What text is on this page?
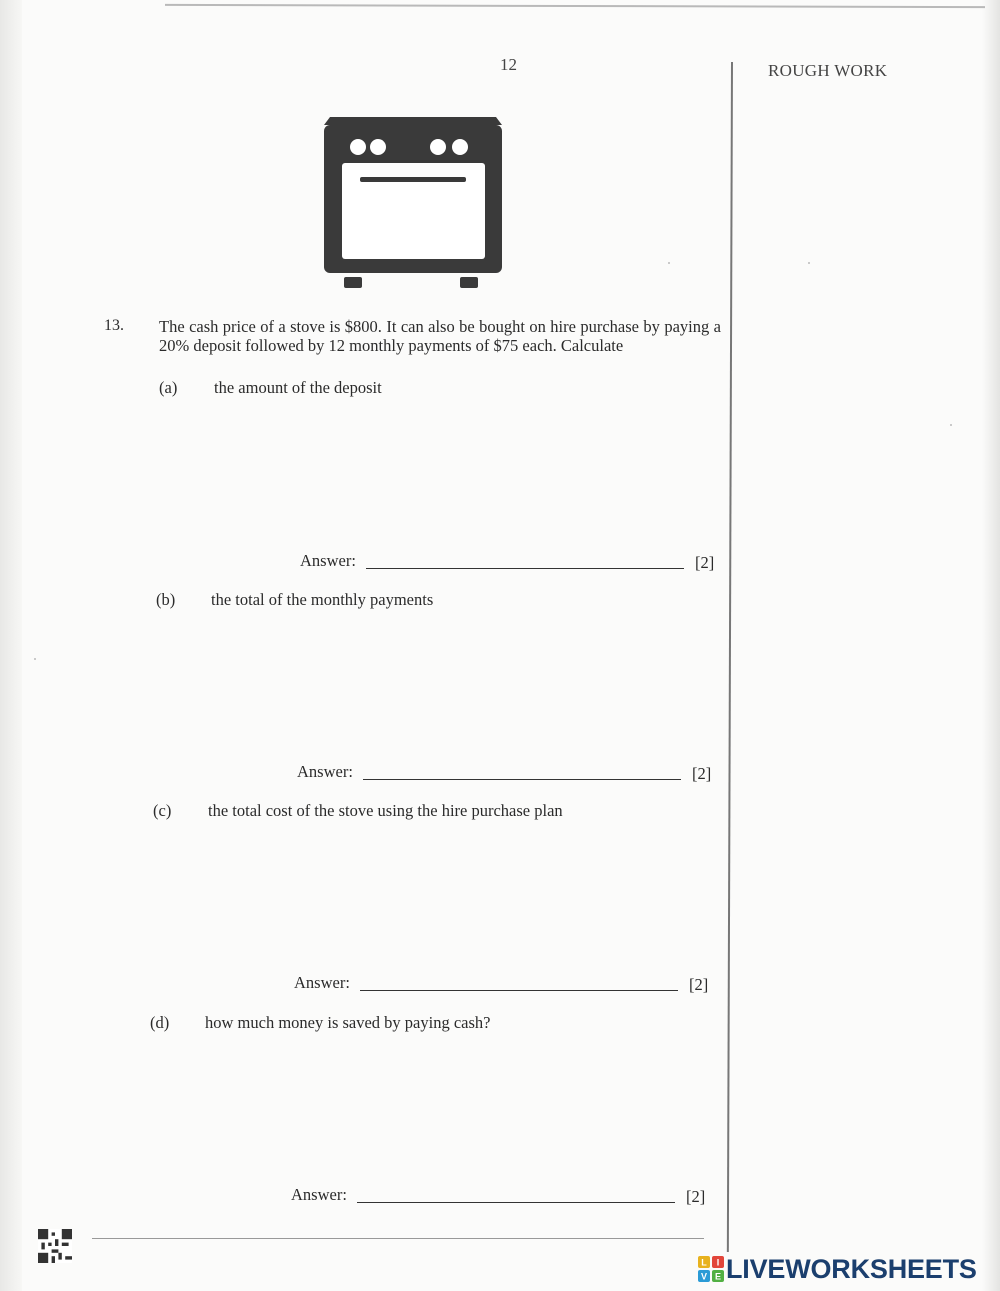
12	ROUGH WORK
13. The cash price of a stove is $800. It can also be bought on hire purchase by paying a 20% deposit followed by 12 monthly payments of $75 each. Calculate
(a) the amount of the deposit
Answer:	[2]
(b) the total of the monthly payments
Answer:	[2]
(c) the total cost of the stove using the hire purchase plan
Answer:	[2]
(d) how much money is saved by paying cash?
Answer:	[2]
L I
V E LIVEWORKSHEETS
